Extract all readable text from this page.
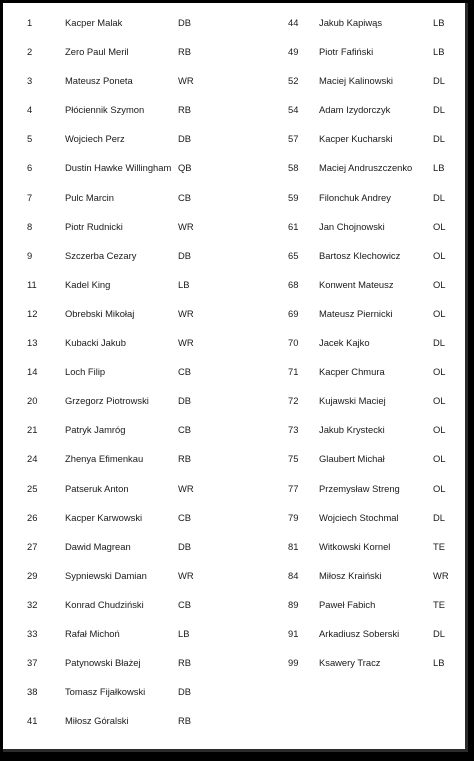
1	Kacper Malak	DB
2	Zero Paul Meril	RB
3	Mateusz Poneta	WR
4	Płóciennik Szymon	RB
5	Wojciech Perz	DB
6	Dustin Hawke Willingham QB
7	Pulc Marcin	CB
8	Piotr Rudnicki	WR
9	Szczerba Cezary	DB
11	Kadel King	LB
12	Obrebski Mikołaj	WR
13	Kubacki Jakub	WR
14	Loch Filip	CB
20	Grzegorz Piotrowski	DB
21	Patryk Jamróg	CB
24	Zhenya Efimenkau	RB
25	Patseruk Anton	WR
26	Kacper Karwowski	CB
27	Dawid Magrean	DB
29	Sypniewski Damian	WR
32	Konrad Chudziński	CB
33	Rafał Michoń	LB
37	Patynowski Błażej	RB
38	Tomasz Fijałkowski	DB
41	Miłosz Góralski	RB
44 Jakub Kapiwąs	LB
49 Piotr Fafiński	LB
52 Maciej Kalinowski	DL
54 Adam Izydorczyk	DL
57 Kacper Kucharski	DL
58 Maciej Andruszczenko LB
59 Filonchuk Andrey	DL
61 Jan Chojnowski	OL
65 Bartosz Klechowicz	OL
68 Konwent Mateusz	OL
69 Mateusz Piernicki	OL
70 Jacek Kajko	DL
71 Kacper Chmura	OL
72 Kujawski Maciej	OL
73 Jakub Krystecki	OL
75 Glaubert Michał	OL
77 Przemysław Streng	OL
79 Wojciech Stochmal	DL
81 Witkowski Kornel	TE
84 Miłosz Kraiński	WR
89 Paweł Fabich	TE
91 Arkadiusz Soberski	DL
99 Ksawery Tracz	LB
